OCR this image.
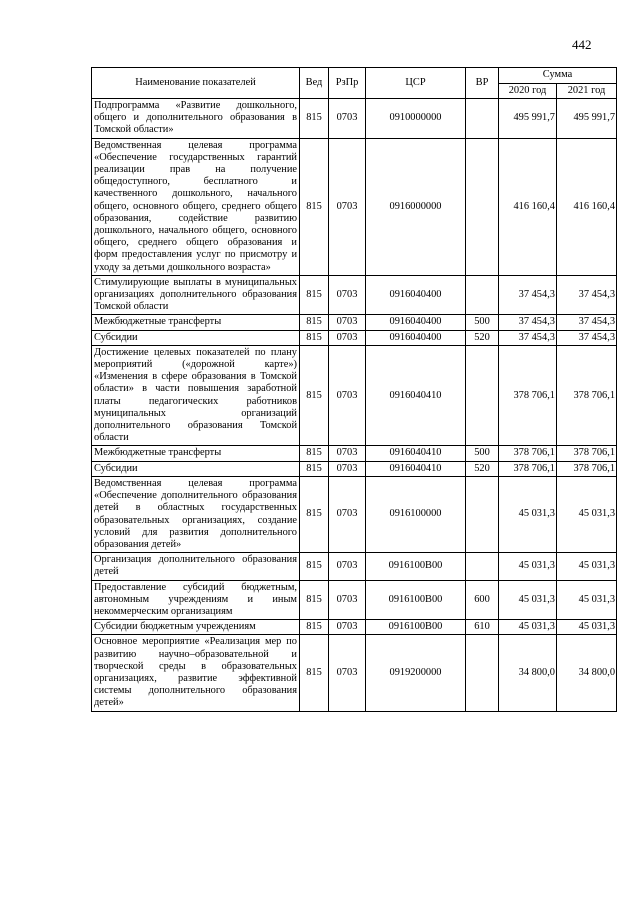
442
Наименование показателей	Вед	РзПр	ЦСР	ВР	Сумма	
					2020 год	2021 год
Подпрограмма «Развитие дошкольного, общего и дополнительного образования в Томской области»	815	0703	0910000000		495 991,7	495 991,7
Ведомственная целевая программа «Обеспечение государственных гарантий реализации прав на получение общедоступного, бесплатного и качественного дошкольного, начального общего, основного общего, среднего общего образования, содействие развитию дошкольного, начального общего, основного общего, среднего общего образования и форм предоставления услуг по присмотру и уходу за детьми дошкольного возраста»	815	0703	0916000000		416 160,4	416 160,4
Стимулирующие выплаты в муниципальных организациях дополнительного образования Томской области	815	0703	0916040400		37 454,3	37 454,3
Межбюджетные трансферты	815	0703	0916040400	500	37 454,3	37 454,3
Субсидии	815	0703	0916040400	520	37 454,3	37 454,3
Достижение целевых показателей по плану мероприятий («дорожной карте») «Изменения в сфере образования в Томской области» в части повышения заработной платы педагогических работников муниципальных организаций дополнительного образования Томской области	815	0703	0916040410		378 706,1	378 706,1
Межбюджетные трансферты	815	0703	0916040410	500	378 706,1	378 706,1
Субсидии	815	0703	0916040410	520	378 706,1	378 706,1
Ведомственная целевая программа «Обеспечение дополнительного образования детей в областных государственных образовательных организациях, создание условий для развития дополнительного образования детей»	815	0703	0916100000		45 031,3	45 031,3
Организация дополнительного образования детей	815	0703	0916100В00		45 031,3	45 031,3
Предоставление субсидий бюджетным, автономным учреждениям и иным некоммерческим организациям	815	0703	0916100В00	600	45 031,3	45 031,3
Субсидии бюджетным учреждениям	815	0703	0916100В00	610	45 031,3	45 031,3
Основное мероприятие «Реализация мер по развитию научно–образовательной и творческой среды в образовательных организациях, развитие эффективной системы дополнительного образования детей»	815	0703	0919200000		34 800,0	34 800,0
